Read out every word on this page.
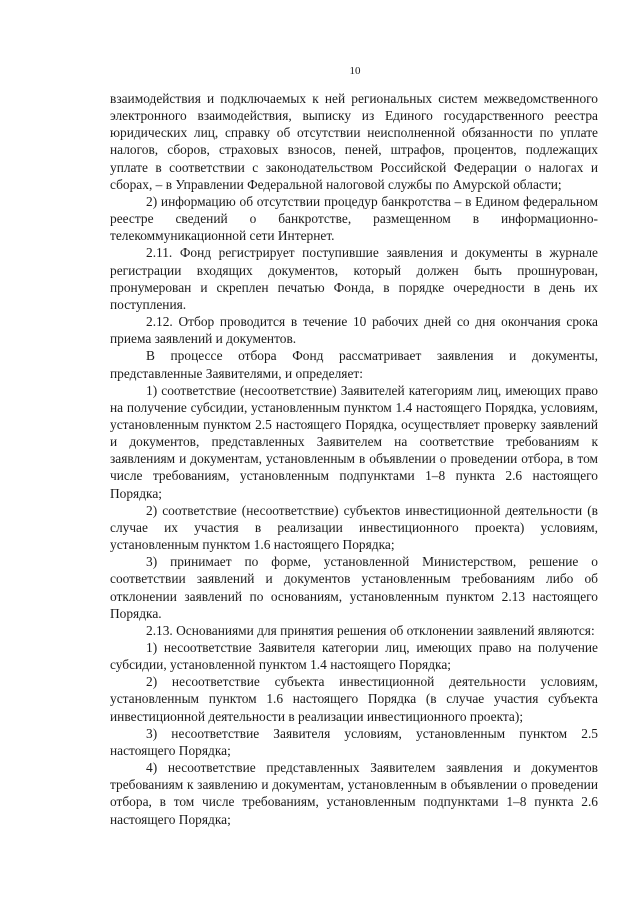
10

взаимодействия и подключаемых к ней региональных систем межведомственного электронного взаимодействия, выписку из Единого государственного реестра юридических лиц, справку об отсутствии неисполненной обязанности по уплате налогов, сборов, страховых взносов, пеней, штрафов, процентов, подлежащих уплате в соответствии с законодательством Российской Федерации о налогах и сборах, – в Управлении Федеральной налоговой службы по Амурской области;

2) информацию об отсутствии процедур банкротства – в Едином федеральном реестре сведений о банкротстве, размещенном в информационно-телекоммуникационной сети Интернет.

2.11. Фонд регистрирует поступившие заявления и документы в журнале регистрации входящих документов, который должен быть прошнурован, пронумерован и скреплен печатью Фонда, в порядке очередности в день их поступления.

2.12. Отбор проводится в течение 10 рабочих дней со дня окончания срока приема заявлений и документов.

В процессе отбора Фонд рассматривает заявления и документы, представленные Заявителями, и определяет:

1) соответствие (несоответствие) Заявителей категориям лиц, имеющих право на получение субсидии, установленным пунктом 1.4 настоящего Порядка, условиям, установленным пунктом 2.5 настоящего Порядка, осуществляет проверку заявлений и документов, представленных Заявителем на соответствие требованиям к заявлениям и документам, установленным в объявлении о проведении отбора, в том числе требованиям, установленным подпунктами 1–8 пункта 2.6 настоящего Порядка;

2) соответствие (несоответствие) субъектов инвестиционной деятельности (в случае их участия в реализации инвестиционного проекта) условиям, установленным пунктом 1.6 настоящего Порядка;

3) принимает по форме, установленной Министерством, решение о соответствии заявлений и документов установленным требованиям либо об отклонении заявлений по основаниям, установленным пунктом 2.13 настоящего Порядка.

2.13. Основаниями для принятия решения об отклонении заявлений являются:

1) несоответствие Заявителя категории лиц, имеющих право на получение субсидии, установленной пунктом 1.4 настоящего Порядка;

2) несоответствие субъекта инвестиционной деятельности условиям, установленным пунктом 1.6 настоящего Порядка (в случае участия субъекта инвестиционной деятельности в реализации инвестиционного проекта);

3) несоответствие Заявителя условиям, установленным пунктом 2.5 настоящего Порядка;

4) несоответствие представленных Заявителем заявления и документов требованиям к заявлению и документам, установленным в объявлении о проведении отбора, в том числе требованиям, установленным подпунктами 1–8 пункта 2.6 настоящего Порядка;
